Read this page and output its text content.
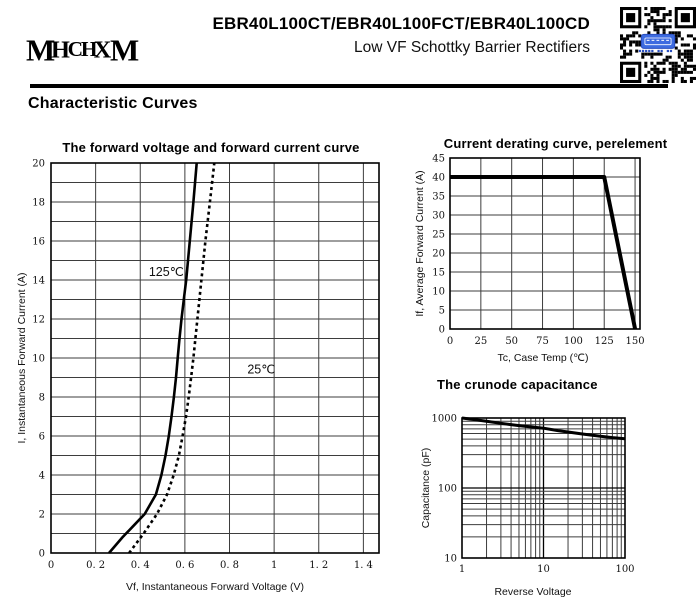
M
H
C
H
X
M
EBR40L100CT/EBR40L100FCT/EBR40L100CD
Low VF Schottky Barrier Rectifiers
Characteristic Curves
The forward voltage and forward current curve
0	0. 2	0. 4	0. 6	0. 8	1	1. 2	1. 4
0
2
4
6
8
10
12
14
16
18
20
125℃
25℃
I, Instantaneous Forward Current (A)
Vf, Instantaneous Forward Voltage (V)
Current derating curve, perelement
0 25 50 75 100 125 150
0
5
10
15
20
25
30
35
40
45
If, Average Forward Current (A)
Tc, Case Temp (℃)
The crunode capacitance
1	10	100
10
100
1000
Capacitance (pF)
Reverse Voltage
